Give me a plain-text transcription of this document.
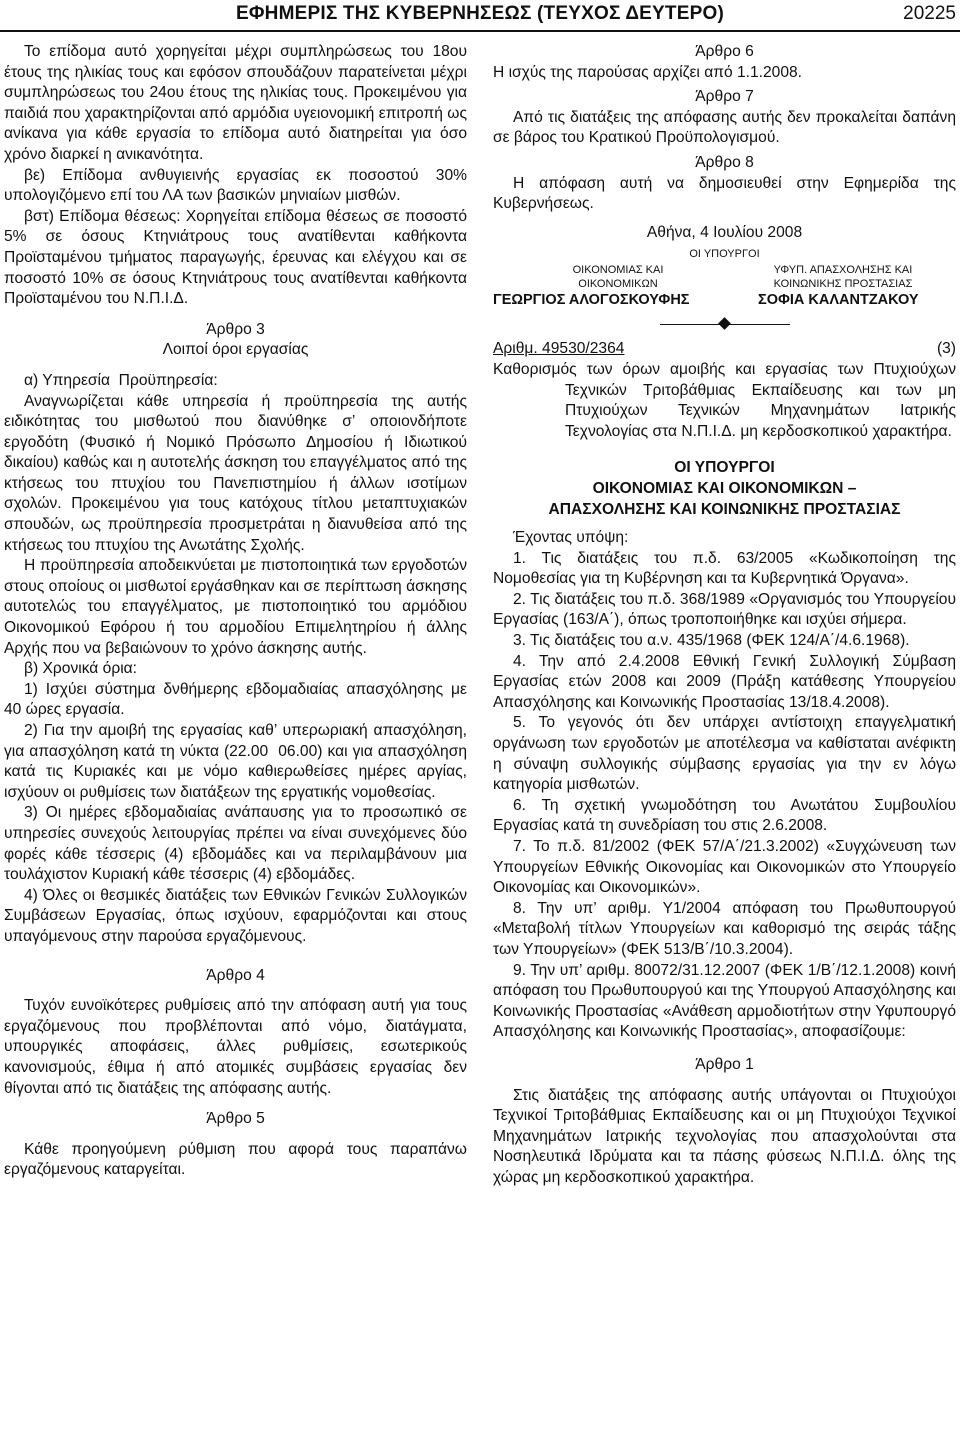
ΕΦΗΜΕΡΙΣ ΤΗΣ ΚΥΒΕΡΝΗΣΕΩΣ (ΤΕΥΧΟΣ ΔΕΥΤΕΡΟ)	20225

Το επίδομα αυτό χορηγείται μέχρι συμπληρώσεως του 18ου έτους της ηλικίας τους και εφόσον σπουδάζουν παρατείνεται μέχρι συμπληρώσεως του 24ου έτους της ηλικίας τους. Προκειμένου για παιδιά που χαρακτηρίζονται από αρμόδια υγειονομική επιτροπή ως ανίκανα για κάθε εργασία το επίδομα αυτό διατηρείται για όσο χρόνο διαρκεί η ανικανότητα.

βε) Επίδομα ανθυγιεινής εργασίας εκ ποσοστού 30% υπολογιζόμενο επί του ΛΑ των βασικών μηνιαίων μισθών.

βστ) Επίδομα θέσεως: Χορηγείται επίδομα θέσεως σε ποσοστό 5% σε όσους Κτηνιάτρους τους ανατίθενται καθήκοντα Προϊσταμένου τμήματος παραγωγής, έρευνας και ελέγχου και σε ποσοστό 10% σε όσους Κτηνιάτρους τους ανατίθενται καθήκοντα Προϊσταμένου του Ν.Π.Ι.Δ.

Άρθρο 3
Λοιποί όροι εργασίας

α) Υπηρεσία Προϋπηρεσία:

Αναγνωρίζεται κάθε υπηρεσία ή προϋπηρεσία της αυτής ειδικότητας του μισθωτού που διανύθηκε σ’ οποιονδήποτε εργοδότη (Φυσικό ή Νομικό Πρόσωπο Δημοσίου ή Ιδιωτικού δικαίου) καθώς και η αυτοτελής άσκηση του επαγγέλματος από της κτήσεως του πτυχίου του Πανεπιστημίου ή άλλων ισοτίμων σχολών. Προκειμένου για τους κατόχους τίτλου μεταπτυχιακών σπουδών, ως προϋπηρεσία προσμετράται η διανυθείσα από της κτήσεως του πτυχίου της Ανωτάτης Σχολής.

Η προϋπηρεσία αποδεικνύεται με πιστοποιητικά των εργοδοτών στους οποίους οι μισθωτοί εργάσθηκαν και σε περίπτωση άσκησης αυτοτελώς του επαγγέλματος, με πιστοποιητικό του αρμόδιου Οικονομικού Εφόρου ή του αρμοδίου Επιμελητηρίου ή άλλης Αρχής που να βεβαιώνουν το χρόνο άσκησης αυτής.

β) Χρονικά όρια:

1) Ισχύει σύστημα δνθήμερης εβδομαδιαίας απασχόλησης με 40 ώρες εργασία.

2) Για την αμοιβή της εργασίας καθ’ υπερωριακή απασχόληση, για απασχόληση κατά τη νύκτα (22.00 06.00) και για απασχόληση κατά τις Κυριακές και με νόμο καθιερωθείσες ημέρες αργίας, ισχύουν οι ρυθμίσεις των διατάξεων της εργατικής νομοθεσίας.

3) Οι ημέρες εβδομαδιαίας ανάπαυσης για το προσωπικό σε υπηρεσίες συνεχούς λειτουργίας πρέπει να είναι συνεχόμενες δύο φορές κάθε τέσσερις (4) εβδομάδες και να περιλαμβάνουν μια τουλάχιστον Κυριακή κάθε τέσσερις (4) εβδομάδες.

4) Όλες οι θεσμικές διατάξεις των Εθνικών Γενικών Συλλογικών Συμβάσεων Εργασίας, όπως ισχύουν, εφαρμόζονται και στους υπαγόμενους στην παρούσα εργαζόμενους.

Άρθρο 4

Τυχόν ευνοϊκότερες ρυθμίσεις από την απόφαση αυτή για τους εργαζόμενους που προβλέπονται από νόμο, διατάγματα, υπουργικές αποφάσεις, άλλες ρυθμίσεις, εσωτερικούς κανονισμούς, έθιμα ή από ατομικές συμβάσεις εργασίας δεν θίγονται από τις διατάξεις της απόφασης αυτής.

Άρθρο 5

Κάθε προηγούμενη ρύθμιση που αφορά τους παραπάνω εργαζόμενους καταργείται.

Άρθρο 6

Η ισχύς της παρούσας αρχίζει από 1.1.2008.

Άρθρο 7

Από τις διατάξεις της απόφασης αυτής δεν προκαλείται δαπάνη σε βάρος του Κρατικού Προϋπολογισμού.

Άρθρο 8

Η απόφαση αυτή να δημοσιευθεί στην Εφημερίδα της Κυβερνήσεως.

Αθήνα, 4 Ιουλίου 2008
ΟΙ ΥΠΟΥΡΓΟΙ
ΟΙΚΟΝΟΜΙΑΣ ΚΑΙ
ΟΙΚΟΝΟΜΙΚΩΝ
ΥΦΥΠ. ΑΠΑΣΧΟΛΗΣΗΣ ΚΑΙ
ΚΟΙΝΩΝΙΚΗΣ ΠΡΟΣΤΑΣΙΑΣ
ΓΕΩΡΓΙΟΣ ΑΛΟΓΟΣΚΟΥΦΗΣ	ΣΟΦΙΑ ΚΑΛΑΝΤΖΑΚΟΥ
Αριθμ. 49530/2364	(3)
Καθορισμός των όρων αμοιβής και εργασίας των Πτυχιούχων Τεχνικών Τριτοβάθμιας Εκπαίδευσης και των μη Πτυχιούχων Τεχνικών Μηχανημάτων Ιατρικής Τεχνολογίας στα Ν.Π.Ι.Δ. μη κερδοσκοπικού χαρακτήρα.
ΟΙ ΥΠΟΥΡΓΟΙ
ΟΙΚΟΝΟΜΙΑΣ ΚΑΙ ΟΙΚΟΝΟΜΙΚΩΝ –
ΑΠΑΣΧΟΛΗΣΗΣ ΚΑΙ ΚΟΙΝΩΝΙΚΗΣ ΠΡΟΣΤΑΣΙΑΣ

Έχοντας υπόψη:

1. Τις διατάξεις του π.δ. 63/2005 «Κωδικοποίηση της Νομοθεσίας για τη Κυβέρνηση και τα Κυβερνητικά Όργανα».

2. Τις διατάξεις του π.δ. 368/1989 «Οργανισμός του Υπουργείου Εργασίας (163/Α΄), όπως τροποποιήθηκε και ισχύει σήμερα.

3. Τις διατάξεις του α.ν. 435/1968 (ΦΕΚ 124/Α΄/4.6.1968).

4. Την από 2.4.2008 Εθνική Γενική Συλλογική Σύμβαση Εργασίας ετών 2008 και 2009 (Πράξη κατάθεσης Υπουργείου Απασχόλησης και Κοινωνικής Προστασίας 13/18.4.2008).

5. Το γεγονός ότι δεν υπάρχει αντίστοιχη επαγγελματική οργάνωση των εργοδοτών με αποτέλεσμα να καθίσταται ανέφικτη η σύναψη συλλογικής σύμβασης εργασίας για την εν λόγω κατηγορία μισθωτών.

6. Τη σχετική γνωμοδότηση του Ανωτάτου Συμβουλίου Εργασίας κατά τη συνεδρίαση του στις 2.6.2008.

7. Το π.δ. 81/2002 (ΦΕΚ 57/Α΄/21.3.2002) «Συγχώνευση των Υπουργείων Εθνικής Οικονομίας και Οικονομικών στο Υπουργείο Οικονομίας και Οικονομικών».

8. Την υπ’ αριθμ. Υ1/2004 απόφαση του Πρωθυπουργού «Μεταβολή τίτλων Υπουργείων και καθορισμό της σειράς τάξης των Υπουργείων» (ΦΕΚ 513/Β΄/10.3.2004).

9. Την υπ’ αριθμ. 80072/31.12.2007 (ΦΕΚ 1/Β΄/12.1.2008) κοινή απόφαση του Πρωθυπουργού και της Υπουργού Απασχόλησης και Κοινωνικής Προστασίας «Ανάθεση αρμοδιοτήτων στην Υφυπουργό Απασχόλησης και Κοινωνικής Προστασίας», αποφασίζουμε:

Άρθρο 1

Στις διατάξεις της απόφασης αυτής υπάγονται οι Πτυχιούχοι Τεχνικοί Τριτοβάθμιας Εκπαίδευσης και οι μη Πτυχιούχοι Τεχνικοί Μηχανημάτων Ιατρικής τεχνολογίας που απασχολούνται στα Νοσηλευτικά Ιδρύματα και τα πάσης φύσεως Ν.Π.Ι.Δ. όλης της χώρας μη κερδοσκοπικού χαρακτήρα.
